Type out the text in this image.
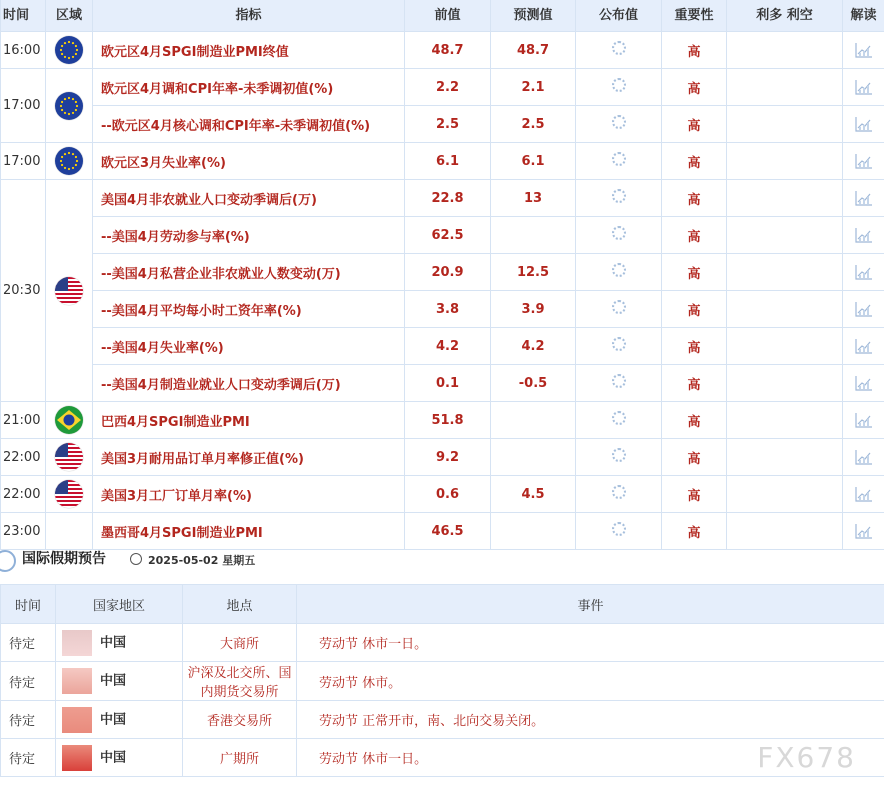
时间	区域	指标	前值	预测值	公布值	重要性	利多 利空	解读
16:00		欧元区4月SPGI制造业PMI终值	48.7	48.7		高		
17:00		欧元区4月调和CPI年率-未季调初值(%)	2.2	2.1		高		
		--欧元区4月核心调和CPI年率-未季调初值(%)	2.5	2.5		高		
17:00		欧元区3月失业率(%)	6.1	6.1		高		
20:30		美国4月非农就业人口变动季调后(万)	22.8	13		高		
		--美国4月劳动参与率(%)	62.5			高		
		--美国4月私营企业非农就业人数变动(万)	20.9	12.5		高		
		--美国4月平均每小时工资年率(%)	3.8	3.9		高		
		--美国4月失业率(%)	4.2	4.2		高		
		--美国4月制造业就业人口变动季调后(万)	0.1	-0.5		高		
21:00		巴西4月SPGI制造业PMI	51.8			高		
22:00		美国3月耐用品订单月率修正值(%)	9.2			高		
22:00		美国3月工厂订单月率(%)	0.6	4.5		高		
23:00		墨西哥4月SPGI制造业PMI	46.5			高		
国际假期预告	2025-05-02 星期五
时间	国家地区	地点	事件
待定	中国	大商所	劳动节 休市一日。
待定	中国	沪深及北交所、国内期货交易所	劳动节 休市。
待定	中国	香港交易所	劳动节 正常开市，南、北向交易关闭。
待定	中国	广期所	劳动节 休市一日。	FX678
